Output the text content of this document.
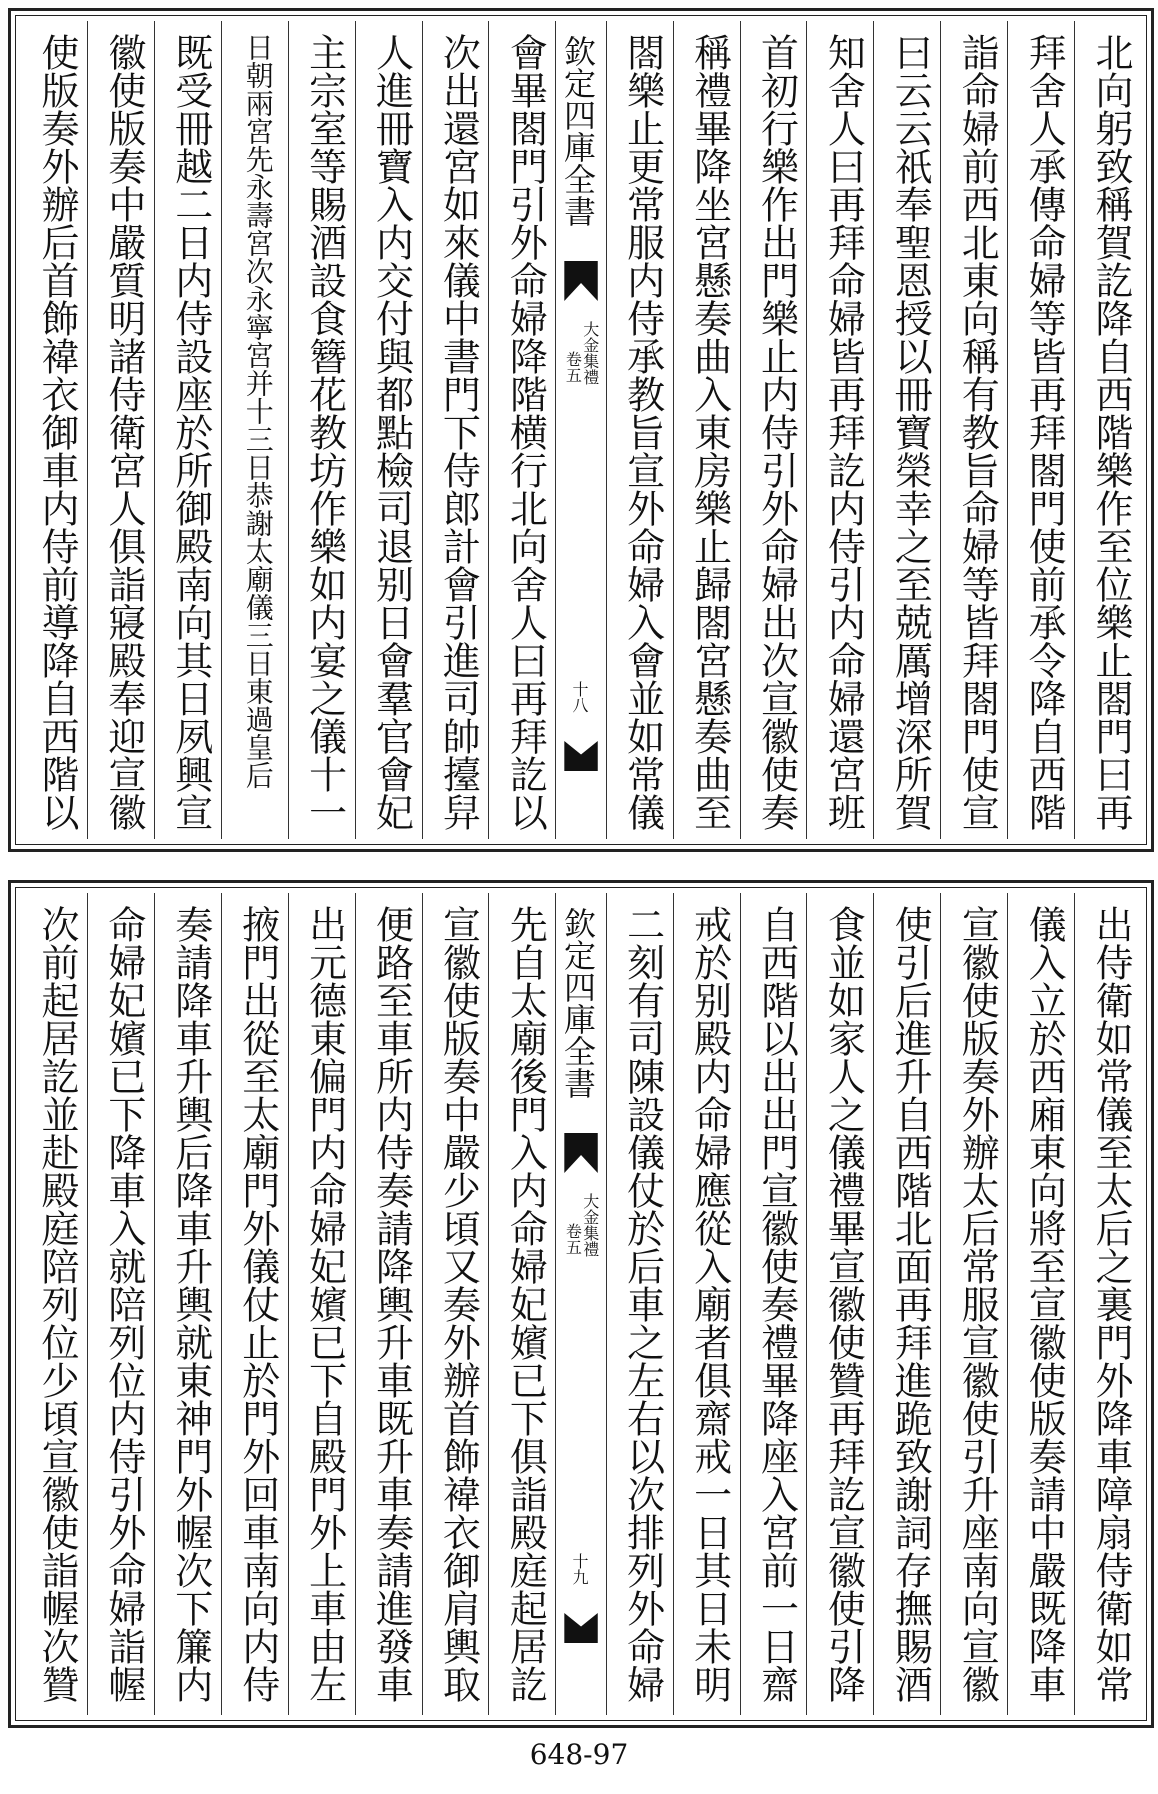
北向躬致稱賀訖降自西階樂作至位樂止閤門曰再
拜舍人承傳命婦等皆再拜閤門使前承令降自西階
詣命婦前西北東向稱有教旨命婦等皆拜閤門使宣
曰云云祇奉聖恩授以冊寶榮幸之至兢厲增深所賀
知舍人曰再拜命婦皆再拜訖内侍引内命婦還宮班
首初行樂作出門樂止内侍引外命婦出次宣徽使奏
稱禮畢降坐宮懸奏曲入東房樂止歸閤宮懸奏曲至
閤樂止更常服内侍承教旨宣外命婦入會並如常儀
欽定四庫全書
大金集禮
卷五
十八
會畢閤門引外命婦降階横行北向舍人曰再拜訖以
次出還宮如來儀中書門下侍郎計會引進司帥擡舁
人進冊寶入内交付與都點檢司退别日會羣官會妃
主宗室等賜酒設食簪花教坊作樂如内宴之儀十一
日朝兩宮先永壽宮次永寧宮并十三日恭謝太廟儀三日東過皇后
既受冊越二日内侍設座於所御殿南向其日夙興宣
徽使版奏中嚴質明諸侍衛宮人俱詣寢殿奉迎宣徽
使版奏外辦后首飾褘衣御車内侍前導降自西階以
出侍衛如常儀至太后之裏門外降車障扇侍衛如常
儀入立於西廂東向將至宣徽使版奏請中嚴既降車
宣徽使版奏外辦太后常服宣徽使引升座南向宣徽
使引后進升自西階北面再拜進跪致謝詞存撫賜酒
食並如家人之儀禮畢宣徽使贊再拜訖宣徽使引降
自西階以出出門宣徽使奏禮畢降座入宮前一日齋
戒於别殿内命婦應從入廟者俱齋戒一日其日未明
二刻有司陳設儀仗於后車之左右以次排列外命婦
欽定四庫全書
大金集禮
卷五
十九
先自太廟後門入内命婦妃嬪已下俱詣殿庭起居訖
宣徽使版奏中嚴少頃又奏外辦首飾褘衣御肩輿取
便路至車所内侍奏請降輿升車既升車奏請進發車
出元德東偏門内命婦妃嬪已下自殿門外上車由左
掖門出從至太廟門外儀仗止於門外回車南向内侍
奏請降車升輿后降車升輿就東神門外幄次下簾内
命婦妃嬪已下降車入就陪列位内侍引外命婦詣幄
次前起居訖並赴殿庭陪列位少頃宣徽使詣幄次贊
648-97
